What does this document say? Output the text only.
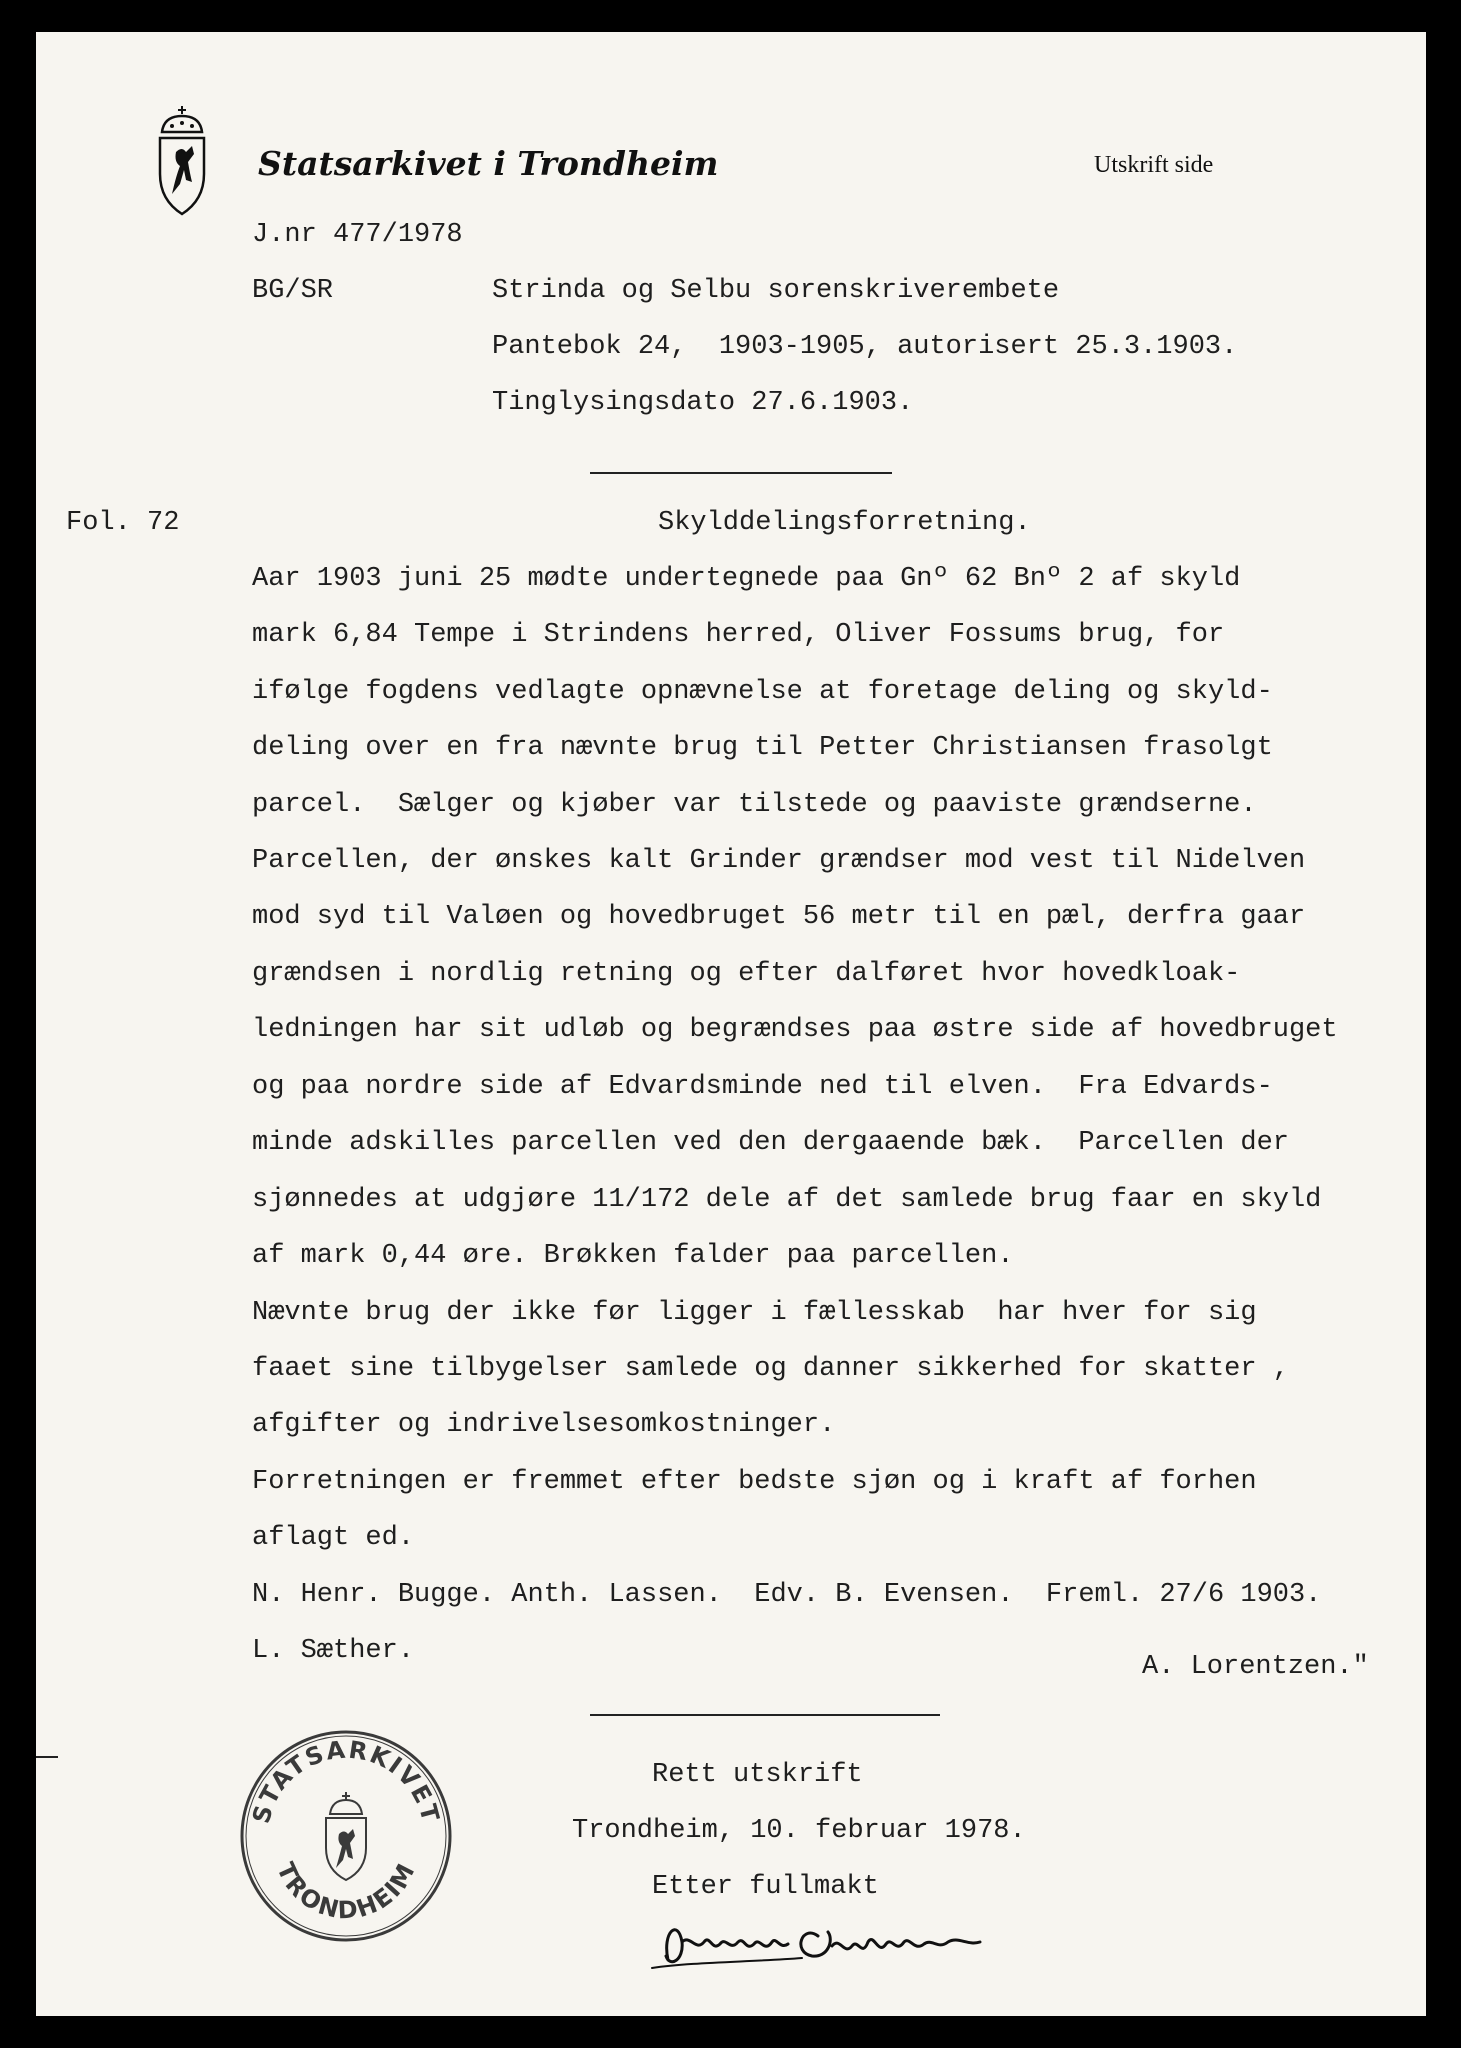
Statsarkivet i Trondheim	Utskrift side
J.nr 477/1978
BG/SR	Strinda og Selbu sorenskriverembete
Pantebok 24,  1903-1905, autorisert 25.3.1903.
Tinglysingsdato 27.6.1903.
Fol. 72	Skylddelingsforretning.
Aar 1903 juni 25 mødte undertegnede paa Gnº 62 Bnº 2 af skyld
mark 6,84 Tempe i Strindens herred, Oliver Fossums brug, for
ifølge fogdens vedlagte opnævnelse at foretage deling og skyld-
deling over en fra nævnte brug til Petter Christiansen frasolgt
parcel.  Sælger og kjøber var tilstede og paaviste grændserne.
Parcellen, der ønskes kalt Grinder grændser mod vest til Nidelven
mod syd til Valøen og hovedbruget 56 metr til en pæl, derfra gaar
grændsen i nordlig retning og efter dalføret hvor hovedkloak-
ledningen har sit udløb og begrændses paa østre side af hovedbruget
og paa nordre side af Edvardsminde ned til elven.  Fra Edvards-
minde adskilles parcellen ved den dergaaende bæk.  Parcellen der
sjønnedes at udgjøre 11/172 dele af det samlede brug faar en skyld
af mark 0,44 øre. Brøkken falder paa parcellen.
Nævnte brug der ikke før ligger i fællesskab  har hver for sig
faaet sine tilbygelser samlede og danner sikkerhed for skatter ,
afgifter og indrivelsesomkostninger.
Forretningen er fremmet efter bedste sjøn og i kraft af forhen
aflagt ed.
N. Henr. Bugge. Anth. Lassen.  Edv. B. Evensen.  Freml. 27/6 1903.
L. Sæther.
A. Lorentzen."
Rett utskrift
Trondheim, 10. februar 1978.
Etter fullmakt
STATSARKIVET
TRONDHEIM
